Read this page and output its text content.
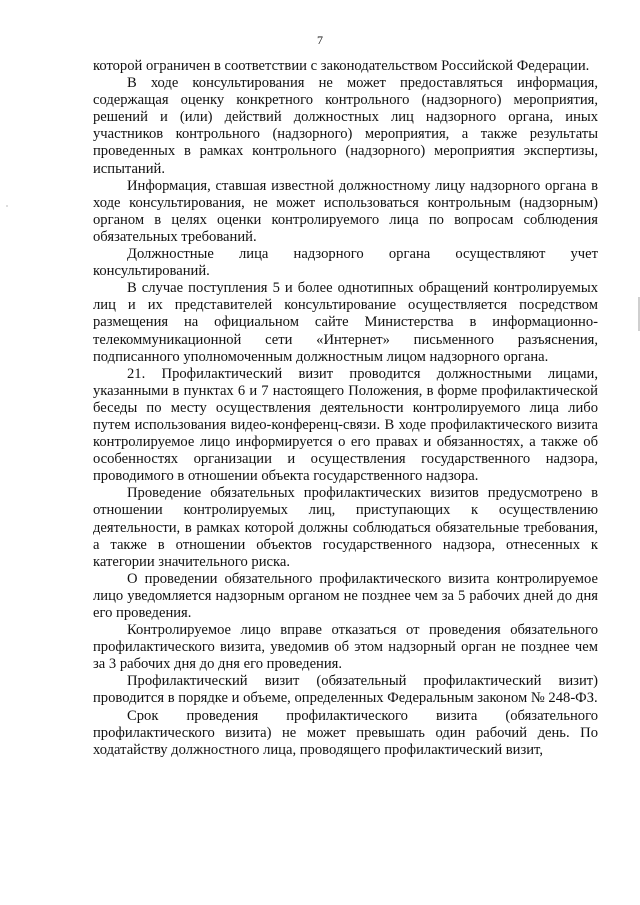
7

которой ограничен в соответствии с законодательством Российской Федерации.

В ходе консультирования не может предоставляться информация, содержащая оценку конкретного контрольного (надзорного) мероприятия, решений и (или) действий должностных лиц надзорного органа, иных участников контрольного (надзорного) мероприятия, а также результаты проведенных в рамках контрольного (надзорного) мероприятия экспертизы, испытаний.

Информация, ставшая известной должностному лицу надзорного органа в ходе консультирования, не может использоваться контрольным (надзорным) органом в целях оценки контролируемого лица по вопросам соблюдения обязательных требований.

Должностные лица надзорного органа осуществляют учет консультирований.

В случае поступления 5 и более однотипных обращений контролируемых лиц и их представителей консультирование осуществляется посредством размещения на официальном сайте Министерства в информационно-телекоммуникационной сети «Интернет» письменного разъяснения, подписанного уполномоченным должностным лицом надзорного органа.

21. Профилактический визит проводится должностными лицами, указанными в пунктах 6 и 7 настоящего Положения, в форме профилактической беседы по месту осуществления деятельности контролируемого лица либо путем использования видео-конференц-связи. В ходе профилактического визита контролируемое лицо информируется о его правах и обязанностях, а также об особенностях организации и осуществления государственного надзора, проводимого в отношении объекта государственного надзора.

Проведение обязательных профилактических визитов предусмотрено в отношении контролируемых лиц, приступающих к осуществлению деятельности, в рамках которой должны соблюдаться обязательные требования, а также в отношении объектов государственного надзора, отнесенных к категории значительного риска.

О проведении обязательного профилактического визита контролируемое лицо уведомляется надзорным органом не позднее чем за 5 рабочих дней до дня его проведения.

Контролируемое лицо вправе отказаться от проведения обязательного профилактического визита, уведомив об этом надзорный орган не позднее чем за 3 рабочих дня до дня его проведения.

Профилактический визит (обязательный профилактический визит) проводится в порядке и объеме, определенных Федеральным законом № 248-ФЗ.

Срок проведения профилактического визита (обязательного профилактического визита) не может превышать один рабочий день. По ходатайству должностного лица, проводящего профилактический визит,
